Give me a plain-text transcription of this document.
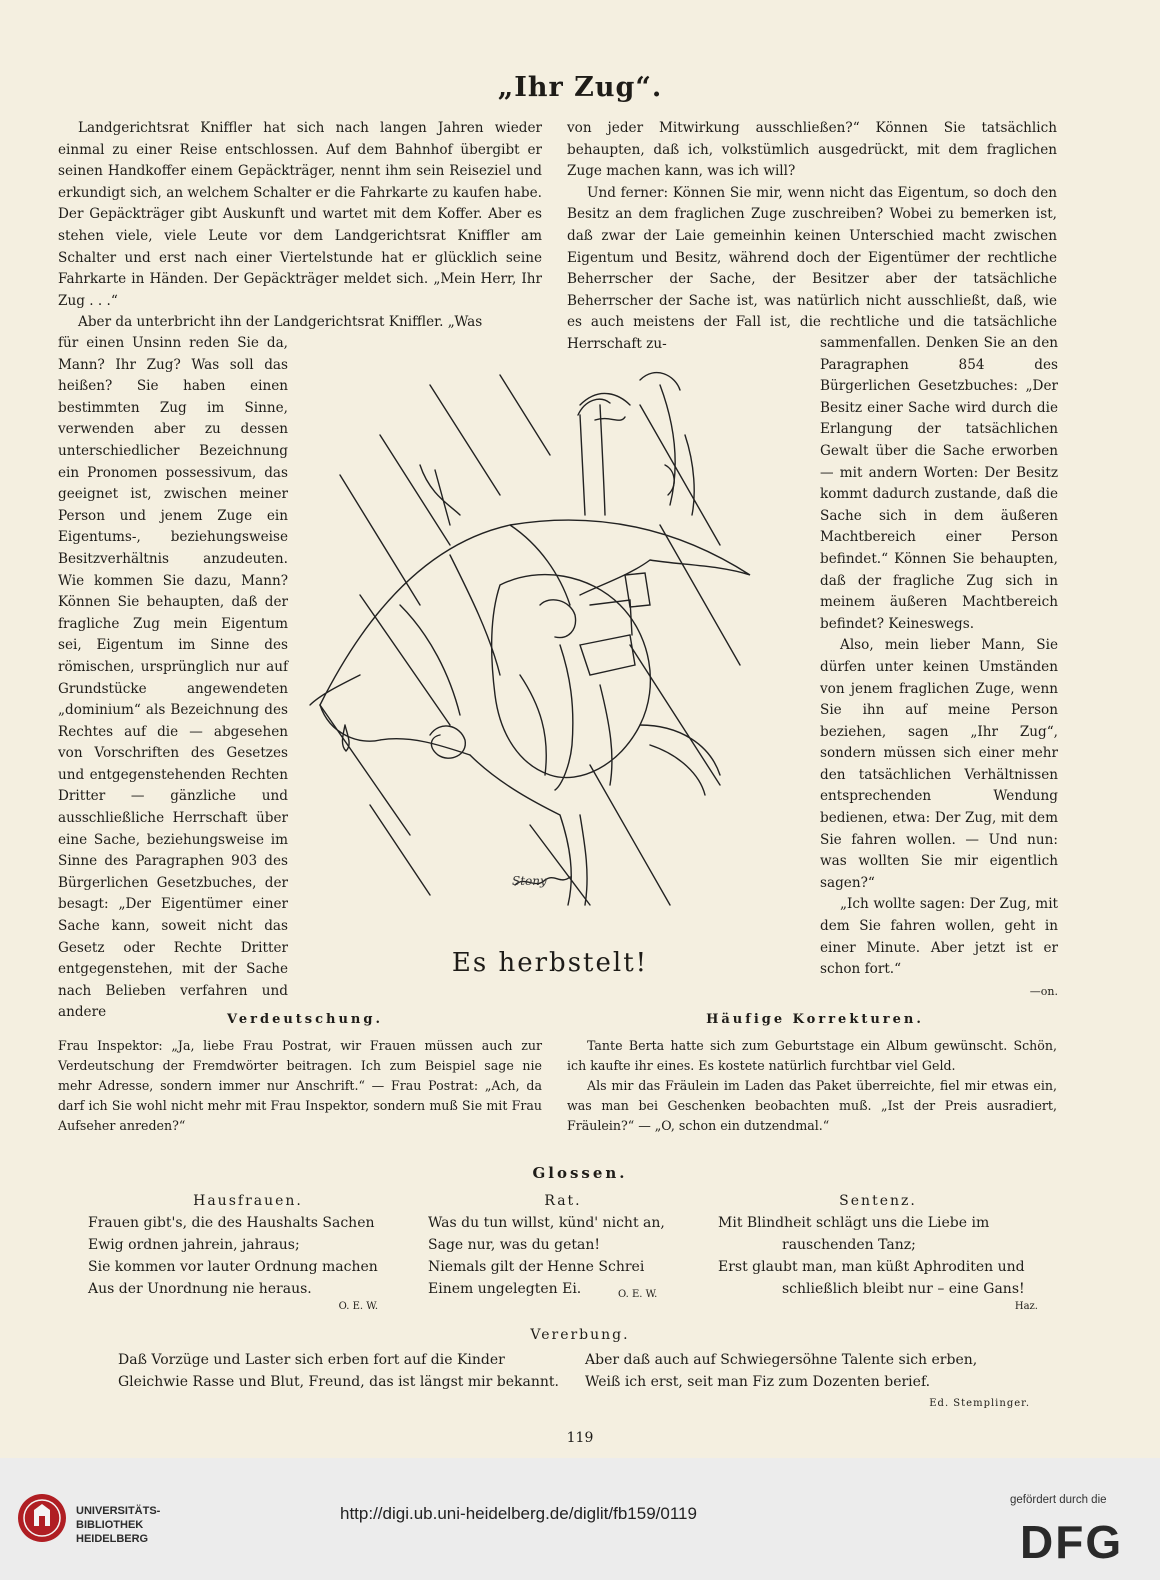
„Ihr Zug“.

Landgerichtsrat Kniffler hat sich nach langen Jahren wieder einmal zu einer Reise entschlossen. Auf dem Bahnhof übergibt er seinen Handkoffer einem Gepäckträger, nennt ihm sein Reiseziel und erkundigt sich, an welchem Schalter er die Fahrkarte zu kaufen habe. Der Gepäckträger gibt Auskunft und wartet mit dem Koffer. Aber es stehen viele, viele Leute vor dem Landgerichtsrat Kniffler am Schalter und erst nach einer Viertelstunde hat er glücklich seine Fahrkarte in Händen. Der Gepäckträger meldet sich. „Mein Herr, Ihr Zug . . .“

Aber da unterbricht ihn der Landgerichtsrat Kniffler. „Was

für einen Unsinn reden Sie da, Mann? Ihr Zug? Was soll das heißen? Sie haben einen bestimmten Zug im Sinne, verwenden aber zu dessen unterschiedlicher Bezeichnung ein Pronomen possessivum, das geeignet ist, zwischen meiner Person und jenem Zuge ein Eigentums-, beziehungsweise Besitzverhältnis anzudeuten. Wie kommen Sie dazu, Mann? Können Sie behaupten, daß der fragliche Zug mein Eigentum sei, Eigentum im Sinne des römischen, ursprünglich nur auf Grundstücke angewendeten „dominium“ als Bezeichnung des Rechtes auf die — abgesehen von Vorschriften des Gesetzes und entgegenstehenden Rechten Dritter — gänzliche und ausschließliche Herrschaft über eine Sache, beziehungsweise im Sinne des Paragraphen 903 des Bürgerlichen Gesetzbuches, der besagt: „Der Eigentümer einer Sache kann, soweit nicht das Gesetz oder Rechte Dritter entgegenstehen, mit der Sache nach Belieben verfahren und andere

von jeder Mitwirkung ausschließen?“ Können Sie tatsächlich behaupten, daß ich, volkstümlich ausgedrückt, mit dem fraglichen Zuge machen kann, was ich will?

Und ferner: Können Sie mir, wenn nicht das Eigentum, so doch den Besitz an dem fraglichen Zuge zuschreiben? Wobei zu bemerken ist, daß zwar der Laie gemeinhin keinen Unterschied macht zwischen Eigentum und Besitz, während doch der Eigentümer der rechtliche Beherrscher der Sache, der Besitzer aber der tatsächliche Beherrscher der Sache ist, was natürlich nicht ausschließt, daß, wie es auch meistens der Fall ist, die rechtliche und die tatsächliche Herrschaft zu-	sammenfallen. Denken Sie an den Paragraphen 854 des Bürgerlichen Gesetzbuches: „Der Besitz einer Sache wird durch die Erlangung der tatsächlichen Gewalt über die Sache erworben — mit andern Worten: Der Besitz kommt dadurch zustande, daß die Sache sich in dem äußeren Machtbereich einer Person befindet.“ Können Sie behaupten, daß der fragliche Zug sich in meinem äußeren Machtbereich befindet? Keineswegs.

Also, mein lieber Mann, Sie dürfen unter keinen Umständen von jenem fraglichen Zuge, wenn Sie ihn auf meine Person beziehen, sagen „Ihr Zug“, sondern müssen sich einer mehr den tatsächlichen Verhältnissen entsprechenden Wendung bedienen, etwa: Der Zug, mit dem Sie fahren wollen. — Und nun: was wollten Sie mir eigentlich sagen?“

„Ich wollte sagen: Der Zug, mit dem Sie fahren wollen, geht in einer Minute. Aber jetzt ist er schon fort.“

—on.
Stony
Es herbstelt!
Verdeutschung.

Frau Inspektor: „Ja, liebe Frau Postrat, wir Frauen müssen auch zur Verdeutschung der Fremdwörter beitragen. Ich zum Beispiel sage nie mehr Adresse, sondern immer nur Anschrift.“ — Frau Postrat: „Ach, da darf ich Sie wohl nicht mehr mit Frau Inspektor, sondern muß Sie mit Frau Aufseher anreden?“

Häufige Korrekturen.

Tante Berta hatte sich zum Geburtstage ein Album gewünscht. Schön, ich kaufte ihr eines. Es kostete natürlich furchtbar viel Geld.

Als mir das Fräulein im Laden das Paket überreichte, fiel mir etwas ein, was man bei Geschenken beobachten muß. „Ist der Preis ausradiert, Fräulein?“ — „O, schon ein dutzendmal.“

Glossen.
Hausfrauen.
Frauen gibt's, die des Haushalts Sachen
Ewig ordnen jahrein, jahraus;
Sie kommen vor lauter Ordnung machen
Aus der Unordnung nie heraus.
O. E. W.
Rat.
Was du tun willst, künd' nicht an,
Sage nur, was du getan!
Niemals gilt der Henne Schrei
Einem ungelegten Ei.	O. E. W.
Sentenz.
Mit Blindheit schlägt uns die Liebe im
rauschenden Tanz;
Erst glaubt man, man küßt Aphroditen und
schließlich bleibt nur – eine Gans!
Haz.
Vererbung.
Daß Vorzüge und Laster sich erben fort auf die Kinder
Gleichwie Rasse und Blut, Freund, das ist längst mir bekannt.
Aber daß auch auf Schwiegersöhne Talente sich erben,
Weiß ich erst, seit man Fiz zum Dozenten berief.
Ed. Stemplinger.
119
UNIVERSITÄTS-
BIBLIOTHEK
HEIDELBERG
http://digi.ub.uni-heidelberg.de/diglit/fb159/0119
gefördert durch die
DFG
